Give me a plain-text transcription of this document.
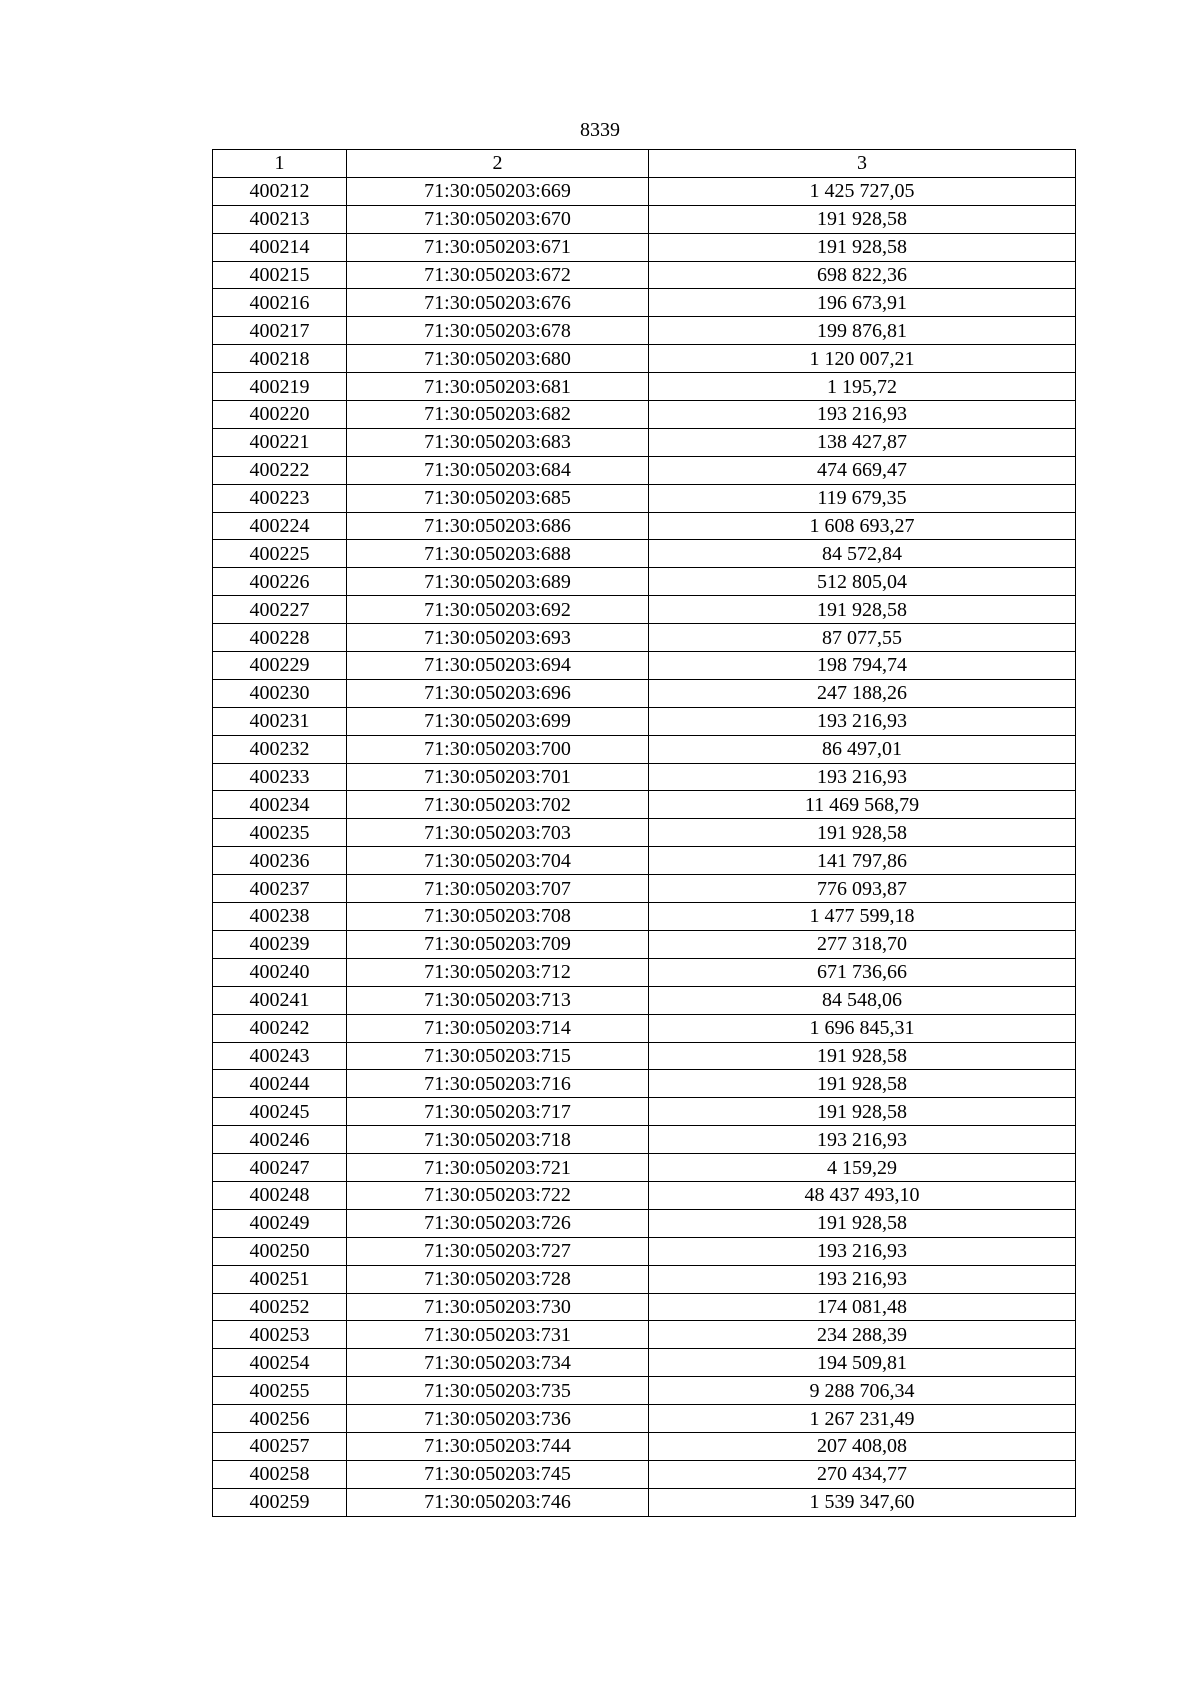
8339
1	2	3
400212	71:30:050203:669	1 425 727,05
400213	71:30:050203:670	191 928,58
400214	71:30:050203:671	191 928,58
400215	71:30:050203:672	698 822,36
400216	71:30:050203:676	196 673,91
400217	71:30:050203:678	199 876,81
400218	71:30:050203:680	1 120 007,21
400219	71:30:050203:681	1 195,72
400220	71:30:050203:682	193 216,93
400221	71:30:050203:683	138 427,87
400222	71:30:050203:684	474 669,47
400223	71:30:050203:685	119 679,35
400224	71:30:050203:686	1 608 693,27
400225	71:30:050203:688	84 572,84
400226	71:30:050203:689	512 805,04
400227	71:30:050203:692	191 928,58
400228	71:30:050203:693	87 077,55
400229	71:30:050203:694	198 794,74
400230	71:30:050203:696	247 188,26
400231	71:30:050203:699	193 216,93
400232	71:30:050203:700	86 497,01
400233	71:30:050203:701	193 216,93
400234	71:30:050203:702	11 469 568,79
400235	71:30:050203:703	191 928,58
400236	71:30:050203:704	141 797,86
400237	71:30:050203:707	776 093,87
400238	71:30:050203:708	1 477 599,18
400239	71:30:050203:709	277 318,70
400240	71:30:050203:712	671 736,66
400241	71:30:050203:713	84 548,06
400242	71:30:050203:714	1 696 845,31
400243	71:30:050203:715	191 928,58
400244	71:30:050203:716	191 928,58
400245	71:30:050203:717	191 928,58
400246	71:30:050203:718	193 216,93
400247	71:30:050203:721	4 159,29
400248	71:30:050203:722	48 437 493,10
400249	71:30:050203:726	191 928,58
400250	71:30:050203:727	193 216,93
400251	71:30:050203:728	193 216,93
400252	71:30:050203:730	174 081,48
400253	71:30:050203:731	234 288,39
400254	71:30:050203:734	194 509,81
400255	71:30:050203:735	9 288 706,34
400256	71:30:050203:736	1 267 231,49
400257	71:30:050203:744	207 408,08
400258	71:30:050203:745	270 434,77
400259	71:30:050203:746	1 539 347,60
